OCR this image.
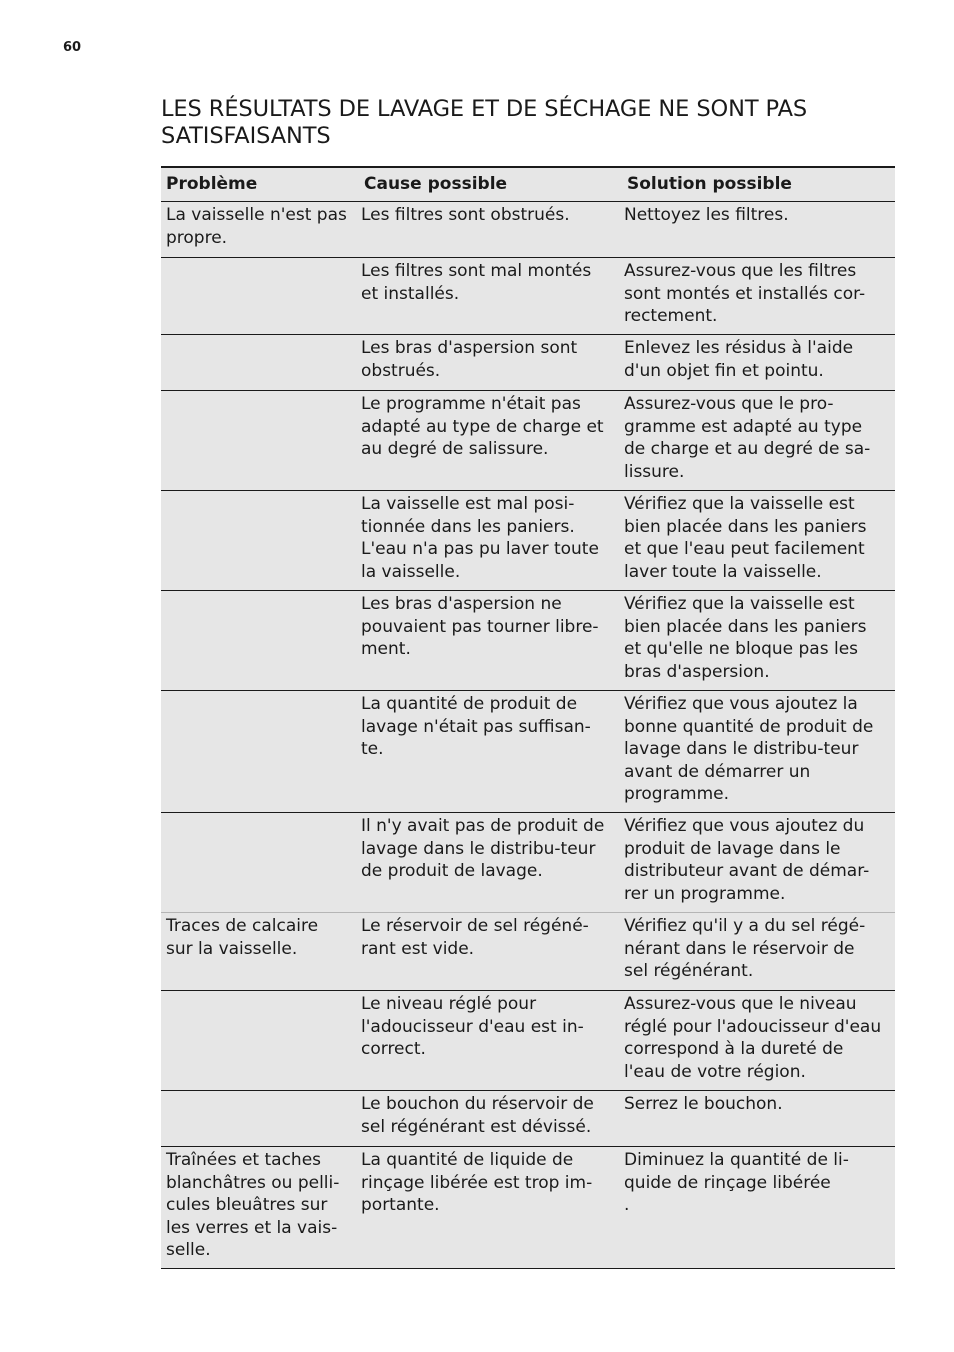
60
LES RÉSULTATS DE LAVAGE ET DE SÉCHAGE NE SONT PAS SATISFAISANTS
Problème	Cause possible	Solution possible
La vaisselle n'est pas propre.	Les filtres sont obstrués.	Nettoyez les filtres.
	Les filtres sont mal montés et installés.	Assurez-vous que les filtres sont montés et installés cor-rectement.
	Les bras d'aspersion sont obstrués.	Enlevez les résidus à l'aide d'un objet fin et pointu.
	Le programme n'était pas adapté au type de charge et au degré de salissure.	Assurez-vous que le pro-gramme est adapté au type de charge et au degré de sa-lissure.
	La vaisselle est mal posi-tionnée dans les paniers. L'eau n'a pas pu laver toute la vaisselle.	Vérifiez que la vaisselle est bien placée dans les paniers et que l'eau peut facilement laver toute la vaisselle.
	Les bras d'aspersion ne pouvaient pas tourner libre-ment.	Vérifiez que la vaisselle est bien placée dans les paniers et qu'elle ne bloque pas les bras d'aspersion.
	La quantité de produit de lavage n'était pas suffisan-te.	Vérifiez que vous ajoutez la bonne quantité de produit de lavage dans le distribu-teur avant de démarrer un programme.
	Il n'y avait pas de produit de lavage dans le distribu-teur de produit de lavage.	Vérifiez que vous ajoutez du produit de lavage dans le distributeur avant de démar-rer un programme.
Traces de calcaire sur la vaisselle.	Le réservoir de sel régéné-rant est vide.	Vérifiez qu'il y a du sel régé-nérant dans le réservoir de sel régénérant.
	Le niveau réglé pour l'adoucisseur d'eau est in-correct.	Assurez-vous que le niveau réglé pour l'adoucisseur d'eau correspond à la dureté de l'eau de votre région.
	Le bouchon du réservoir de sel régénérant est dévissé.	Serrez le bouchon.
Traînées et taches blanchâtres ou pelli-cules bleuâtres sur les verres et la vais-selle.	La quantité de liquide de rinçage libérée est trop im-portante.	Diminuez la quantité de li-quide de rinçage libérée
.
